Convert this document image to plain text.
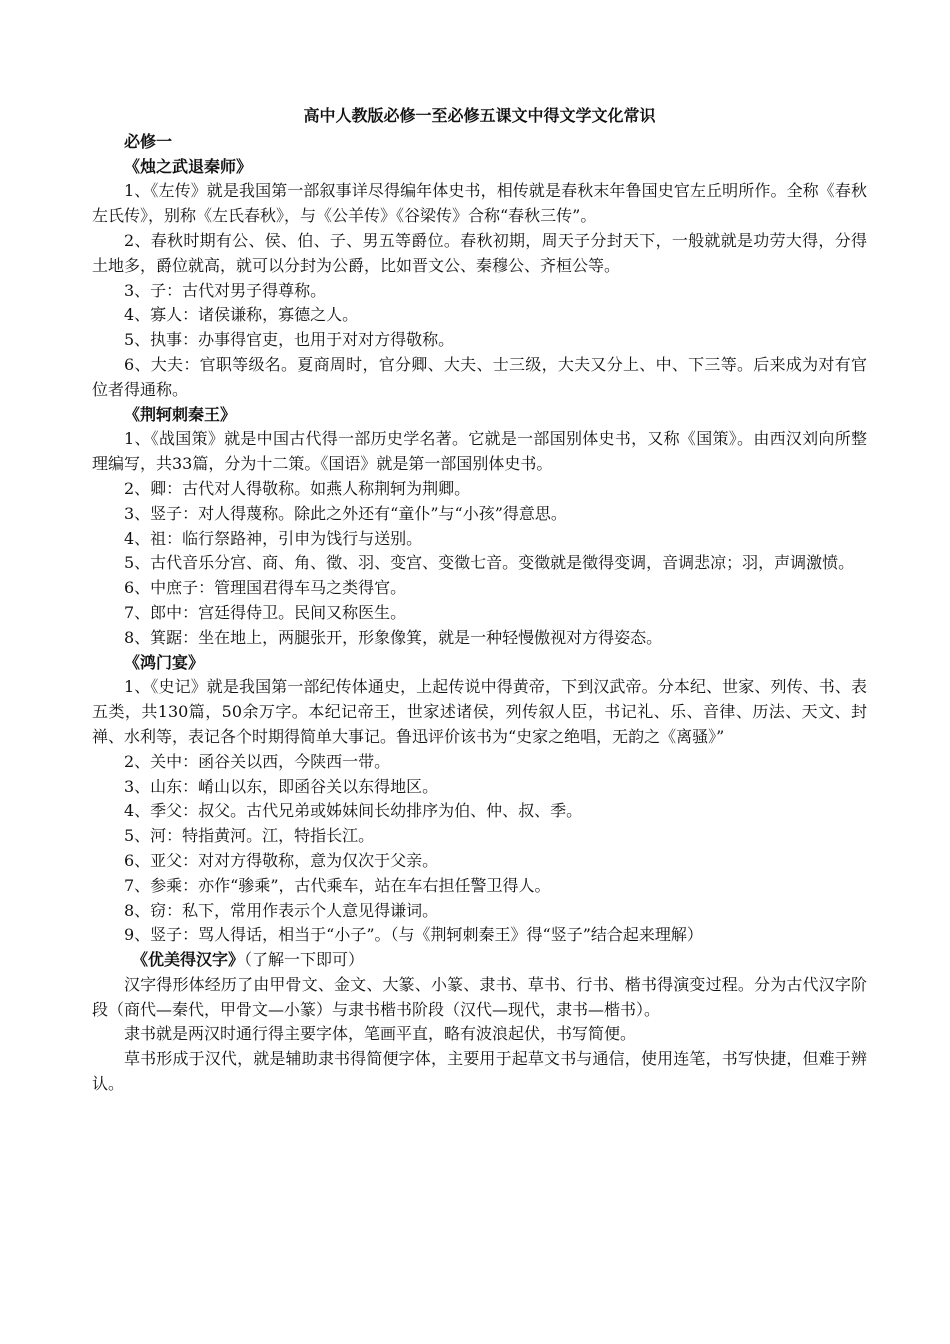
高中人教版必修一至必修五课文中得文学文化常识
必修一
《烛之武退秦师》

1、《左传》就是我国第一部叙事详尽得编年体史书，相传就是春秋末年鲁国史官左丘明所作。全称《春秋左氏传》，别称《左氏春秋》，与《公羊传》《谷梁传》合称“春秋三传”。

2、春秋时期有公、侯、伯、子、男五等爵位。春秋初期，周天子分封天下，一般就就是功劳大得，分得土地多，爵位就高，就可以分封为公爵，比如晋文公、秦穆公、齐桓公等。

3、子：古代对男子得尊称。

4、寡人：诸侯谦称，寡德之人。

5、执事：办事得官吏，也用于对对方得敬称。

6、大夫：官职等级名。夏商周时，官分卿、大夫、士三级，大夫又分上、中、下三等。后来成为对有官位者得通称。

《荆轲刺秦王》

1、《战国策》就是中国古代得一部历史学名著。它就是一部国别体史书，又称《国策》。由西汉刘向所整理编写，共33篇，分为十二策。《国语》就是第一部国别体史书。

2、卿：古代对人得敬称。如燕人称荆轲为荆卿。

3、竖子：对人得蔑称。除此之外还有“童仆”与“小孩”得意思。

4、祖：临行祭路神，引申为饯行与送别。

5、古代音乐分宫、商、角、徵、羽、变宫、变徵七音。变徵就是徵得变调，音调悲凉；羽，声调激愤。

6、中庶子：管理国君得车马之类得官。

7、郎中：宫廷得侍卫。民间又称医生。

8、箕踞：坐在地上，两腿张开，形象像箕，就是一种轻慢傲视对方得姿态。

《鸿门宴》

1、《史记》就是我国第一部纪传体通史，上起传说中得黄帝，下到汉武帝。分本纪、世家、列传、书、表五类，共130篇，50余万字。本纪记帝王，世家述诸侯，列传叙人臣，书记礼、乐、音律、历法、天文、封禅、水利等，表记各个时期得简单大事记。鲁迅评价该书为“史家之绝唱，无韵之《离骚》”

2、关中：函谷关以西，今陕西一带。

3、山东：崤山以东，即函谷关以东得地区。

4、季父：叔父。古代兄弟或姊妹间长幼排序为伯、仲、叔、季。

5、河：特指黄河。江，特指长江。

6、亚父：对对方得敬称，意为仅次于父亲。

7、参乘：亦作“骖乘”，古代乘车，站在车右担任警卫得人。

8、窃：私下，常用作表示个人意见得谦词。

9、竖子：骂人得话，相当于“小子”。（与《荆轲刺秦王》得“竖子”结合起来理解）

《优美得汉字》（了解一下即可）

汉字得形体经历了由甲骨文、金文、大篆、小篆、隶书、草书、行书、楷书得演变过程。分为古代汉字阶段（商代—秦代，甲骨文—小篆）与隶书楷书阶段（汉代—现代，隶书—楷书）。

隶书就是两汉时通行得主要字体，笔画平直，略有波浪起伏，书写简便。

草书形成于汉代，就是辅助隶书得简便字体，主要用于起草文书与通信，使用连笔，书写快捷，但难于辨认。
